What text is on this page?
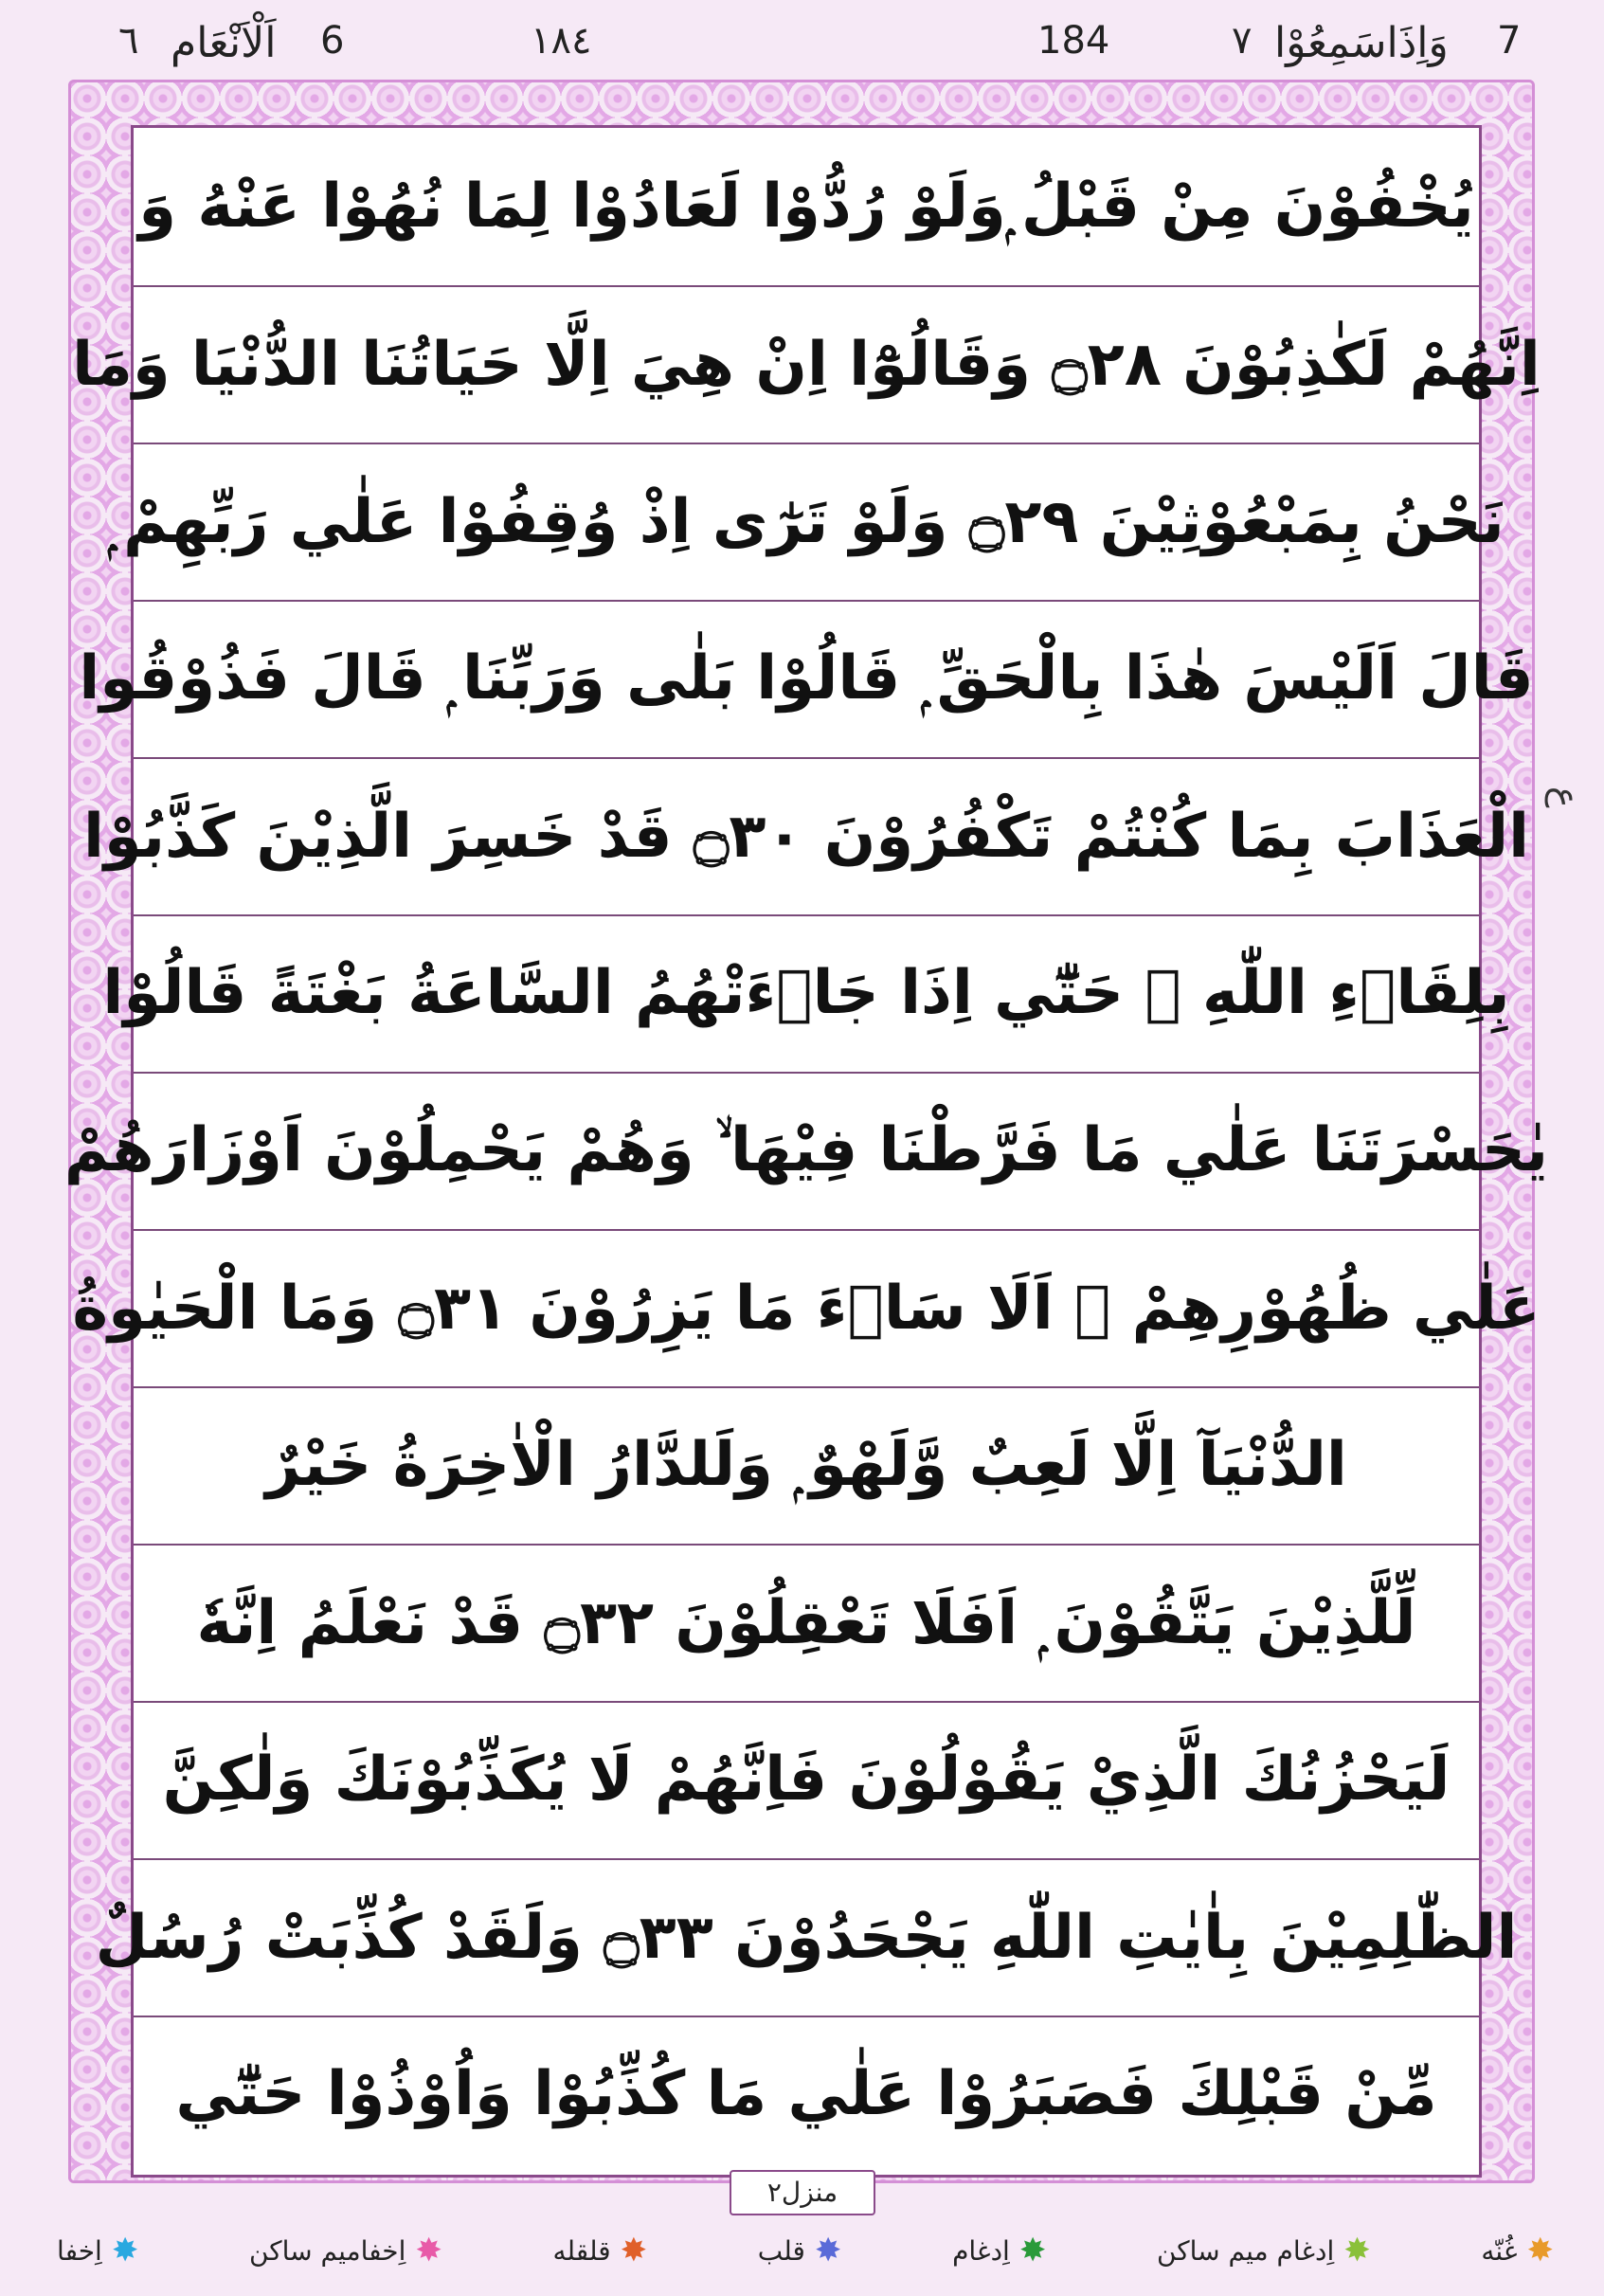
6
اَلْاَنْعَام
٦	١٨٤	184	٧ وَاِذَاسَمِعُوْا 7
يُخْفُوْنَ مِنْ قَبْلُ ۭوَلَوْ رُدُّوْا لَعَادُوْا لِمَا نُهُوْا عَنْهُ وَ
اِنَّهُمْ لَكٰذِبُوْنَ ۝٢٨ وَقَالُوْٓا اِنْ هِيَ اِلَّا حَيَاتُنَا الدُّنْيَا وَمَا
نَحْنُ بِمَبْعُوْثِيْنَ ۝٢٩ وَلَوْ تَرٰٓى اِذْ وُقِفُوْا عَلٰي رَبِّهِمْ ۭ
قَالَ اَلَيْسَ هٰذَا بِالْحَقِّ ۭ قَالُوْا بَلٰى وَرَبِّنَا ۭ قَالَ فَذُوْقُوا
الْعَذَابَ بِمَا كُنْتُمْ تَكْفُرُوْنَ ۝٣٠ قَدْ خَسِرَ الَّذِيْنَ كَذَّبُوْا
بِلِقَاۗءِ اللّٰهِ ۭ حَتّٰٓي اِذَا جَاۗءَتْهُمُ السَّاعَةُ بَغْتَةً قَالُوْا
يٰحَسْرَتَنَا عَلٰي مَا فَرَّطْنَا فِيْهَا ۙ وَهُمْ يَحْمِلُوْنَ اَوْزَارَهُمْ
عَلٰي ظُهُوْرِهِمْ ۭ اَلَا سَاۗءَ مَا يَزِرُوْنَ ۝٣١ وَمَا الْحَيٰوةُ
الدُّنْيَآ اِلَّا لَعِبٌ وَّلَهْوٌ ۭ وَلَلدَّارُ الْاٰخِرَةُ خَيْرٌ
لِّلَّذِيْنَ يَتَّقُوْنَ ۭ اَفَلَا تَعْقِلُوْنَ ۝٣٢ قَدْ نَعْلَمُ اِنَّهٗ
لَيَحْزُنُكَ الَّذِيْ يَقُوْلُوْنَ فَاِنَّهُمْ لَا يُكَذِّبُوْنَكَ وَلٰكِنَّ
الظّٰلِمِيْنَ بِاٰيٰتِ اللّٰهِ يَجْحَدُوْنَ ۝٣٣ وَلَقَدْ كُذِّبَتْ رُسُلٌ
مِّنْ قَبْلِكَ فَصَبَرُوْا عَلٰي مَا كُذِّبُوْا وَاُوْذُوْا حَتّٰٓي
ع
منزل۲
✸
اِخفا	✸
اِخفامیم ساکن	✸
قلقله	✸
قلب	✸
اِدغام	✸
اِدغام میم ساکن	✸
غُنّه
